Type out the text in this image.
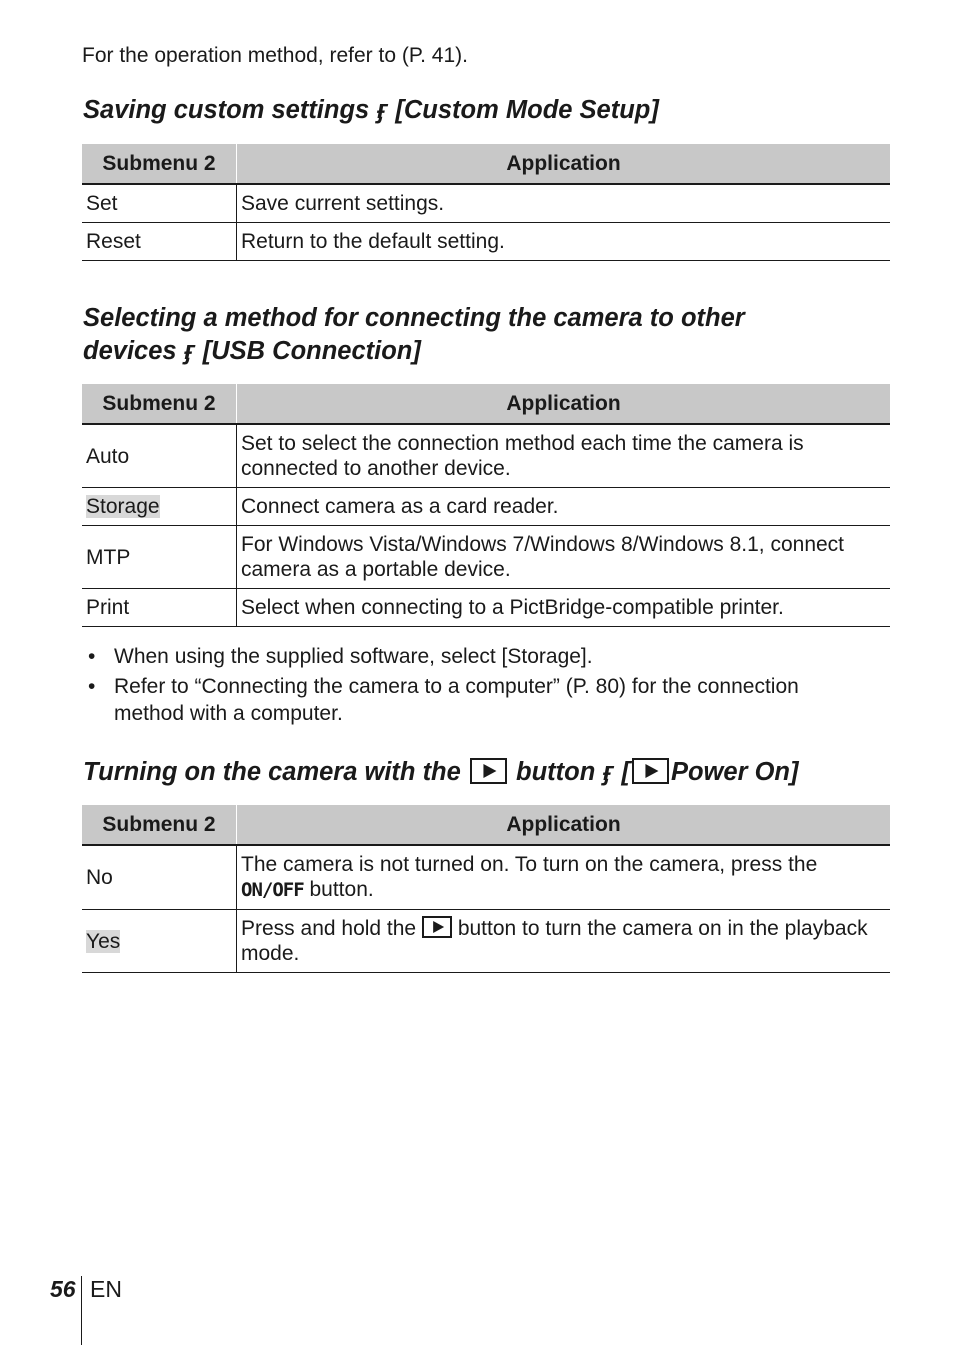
For the operation method, refer to (P. 41).
Saving custom settings ӻ [Custom Mode Setup]
Submenu 2	Application
Set	Save current settings.
Reset	Return to the default setting.
Selecting a method for connecting the camera to other
devices ӻ [USB Connection]
Submenu 2	Application
Auto	Set to select the connection method each time the camera is connected to another device.
Storage	Connect camera as a card reader.
MTP	For Windows Vista/Windows 7/Windows 8/Windows 8.1, connect camera as a portable device.
Print	Select when connecting to a PictBridge-compatible printer.
• When using the supplied software, select [Storage].
• Refer to “Connecting the camera to a computer” (P. 80) for the connection method with a computer.
Turning on the camera with the button ӻ [ Power On]
Submenu 2	Application
No	The camera is not turned on. To turn on the camera, press the
ON/OFF button.
Yes	Press and hold the button to turn the camera on in the playback mode.
56 EN
